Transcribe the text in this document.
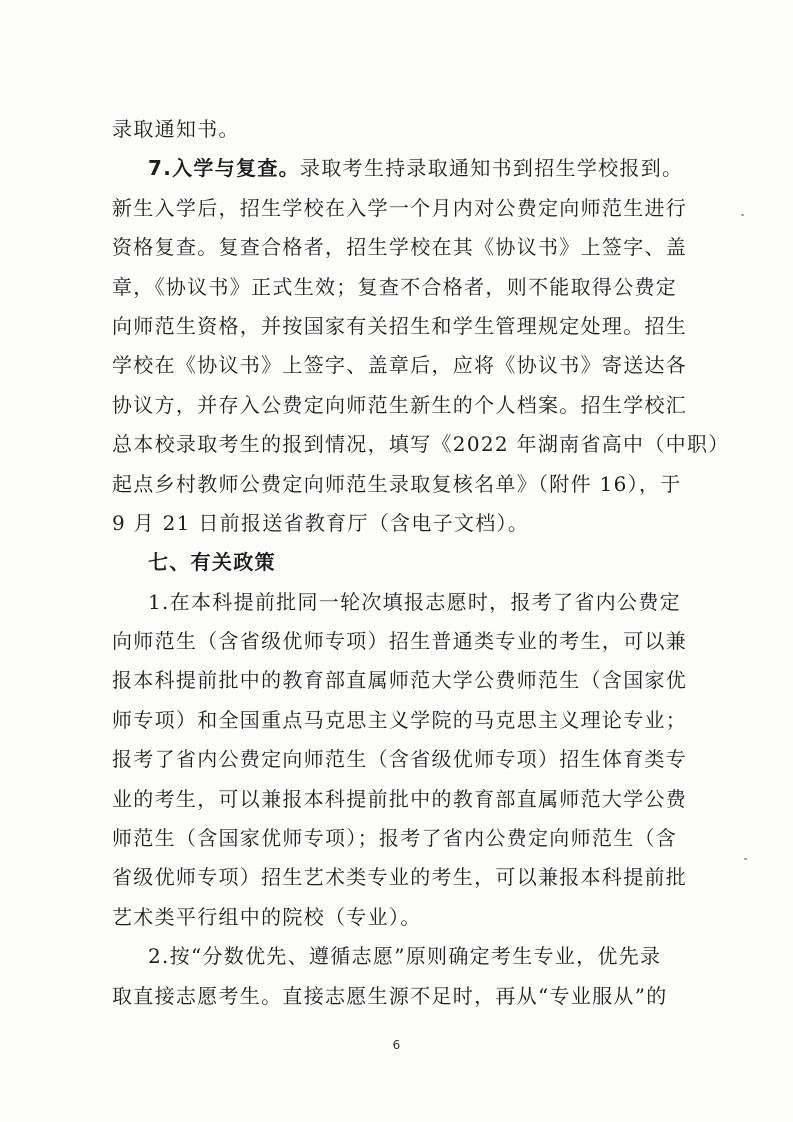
录取通知书。
7.入学与复查。录取考生持录取通知书到招生学校报到。
新生入学后，招生学校在入学一个月内对公费定向师范生进行
资格复查。复查合格者，招生学校在其《协议书》上签字、盖
章，《协议书》正式生效；复查不合格者，则不能取得公费定
向师范生资格，并按国家有关招生和学生管理规定处理。招生
学校在《协议书》上签字、盖章后，应将《协议书》寄送达各
协议方，并存入公费定向师范生新生的个人档案。招生学校汇
总本校录取考生的报到情况，填写《2022 年湖南省高中（中职）
起点乡村教师公费定向师范生录取复核名单》（附件 16），于
9 月 21 日前报送省教育厅（含电子文档）。
七、有关政策
1.在本科提前批同一轮次填报志愿时，报考了省内公费定
向师范生（含省级优师专项）招生普通类专业的考生，可以兼
报本科提前批中的教育部直属师范大学公费师范生（含国家优
师专项）和全国重点马克思主义学院的马克思主义理论专业；
报考了省内公费定向师范生（含省级优师专项）招生体育类专
业的考生，可以兼报本科提前批中的教育部直属师范大学公费
师范生（含国家优师专项）；报考了省内公费定向师范生（含
省级优师专项）招生艺术类专业的考生，可以兼报本科提前批
艺术类平行组中的院校（专业）。
2.按“分数优先、遵循志愿”原则确定考生专业，优先录
取直接志愿考生。直接志愿生源不足时，再从“专业服从”的
6
